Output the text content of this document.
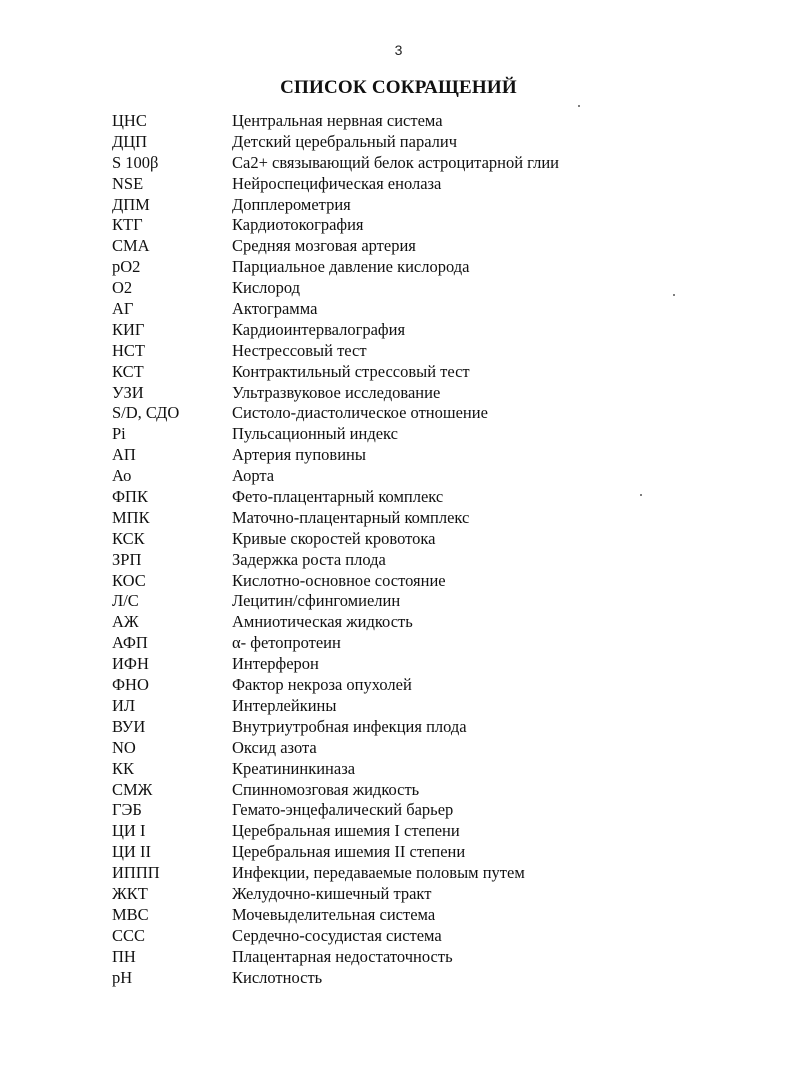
3
СПИСОК СОКРАЩЕНИЙ
ЦНС	Центральная нервная система
ДЦП	Детский церебральный паралич
S 100β	Са2+ связывающий белок астроцитарной глии
NSE	Нейроспецифическая енолаза
ДПМ	Допплерометрия
КТГ	Кардиотокография
СМА	Средняя мозговая артерия
рО2	Парциальное давление кислорода
О2	Кислород
АГ	Актограмма
КИГ	Кардиоинтервалография
НСТ	Нестрессовый тест
КСТ	Контрактильный стрессовый тест
УЗИ	Ультразвуковое исследование
S/D, СДО	Систоло-диастолическое отношение
Pi	Пульсационный индекс
АП	Артерия пуповины
Ао	Аорта
ФПК	Фето-плацентарный комплекс
МПК	Маточно-плацентарный комплекс
КСК	Кривые скоростей кровотока
ЗРП	Задержка роста плода
КОС	Кислотно-основное состояние
Л/С	Лецитин/сфингомиелин
АЖ	Амниотическая жидкость
АФП	α- фетопротеин
ИФН	Интерферон
ФНО	Фактор некроза опухолей
ИЛ	Интерлейкины
ВУИ	Внутриутробная инфекция плода
NO	Оксид азота
КК	Креатининкиназа
СМЖ	Спинномозговая жидкость
ГЭБ	Гемато-энцефалический барьер
ЦИ I	Церебральная ишемия I степени
ЦИ II	Церебральная ишемия II степени
ИППП	Инфекции, передаваемые половым путем
ЖКТ	Желудочно-кишечный тракт
МВС	Мочевыделительная система
ССС	Сердечно-сосудистая система
ПН	Плацентарная недостаточность
рН	Кислотность
